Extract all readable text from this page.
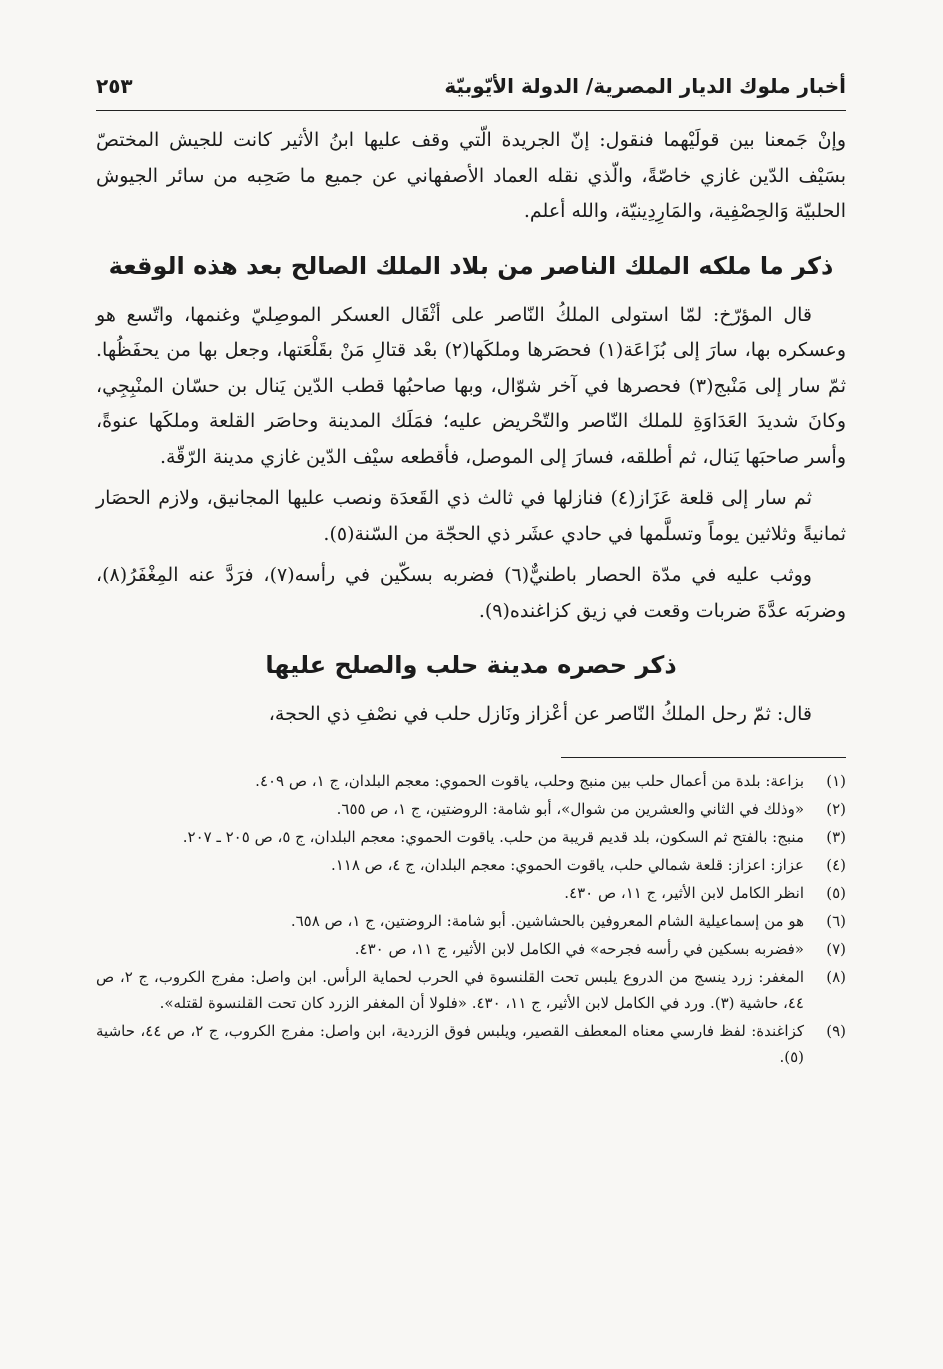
أخبار ملوك الديار المصرية/ الدولة الأيّوبيّة
٢٥٣

وإنْ جَمعنا بين قولَيْهما فنقول: إنّ الجريدة الّتي وقف عليها ابنُ الأثير كانت للجيش المختصّ بسَيْف الدّين غازي خاصّةً، والّذي نقله العماد الأصفهاني عن جميع ما صَحِبه من سائر الجيوش الحلبيّة وَالحِصْفِية، والمَارِدِينيّة، والله أعلم.

ذكر ما ملكه الملك الناصر من بلاد الملك الصالح بعد هذه الوقعة

قال المؤرّخ: لمّا استولى الملكُ النّاصر على أثْقَال العسكر الموصِليّ وغنمها، واتّسع هو وعسكره بها، سارَ إلى بُزَاعَة(١) فحصَرها وملكَها(٢) بعْد قتالِ مَنْ بقَلْعَتها، وجعل بها من يحفَظُها. ثمّ سار إلى مَنْبج(٣) فحصرها في آخر شوّال، وبها صاحبُها قطب الدّين يَنال بن حسّان المنْبِجِي، وكانَ شديدَ العَدَاوَةِ للملك النّاصر والتّحْريض عليه؛ فمَلَك المدينة وحاصَر القلعة وملكَها عنوةً، وأسر صاحبَها يَنال، ثم أطلقه، فسارَ إلى الموصل، فأقطعه سيْف الدّين غازي مدينة الرّقّة.

ثم سار إلى قلعة عَزَاز(٤) فنازلها في ثالث ذي القَعدَة ونصب عليها المجانيق، ولازم الحصَار ثمانيةً وثلاثين يوماً وتسلَّمها في حادي عشَر ذي الحجّة من السّنة(٥).

ووثب عليه في مدّة الحصار باطنيٌّ(٦) فضربه بسكّين في رأسه(٧)، فرَدَّ عنه المِغْفَرُ(٨)، وضربَه عدَّةَ ضربات وقعت في زيق كزاغنده(٩).

ذكر حصره مدينة حلب والصلح عليها

قال: ثمّ رحل الملكُ النّاصر عن أعْزاز ونَازل حلب في نصْفِ ذي الحجة،

(١)
بزاعة: بلدة من أعمال حلب بين منبج وحلب، ياقوت الحموي: معجم البلدان، ج ١، ص ٤٠٩.
(٢)
«وذلك في الثاني والعشرين من شوال»، أبو شامة: الروضتين، ج ١، ص ٦٥٥.
(٣)
منبج: بالفتح ثم السكون، بلد قديم قريبة من حلب. ياقوت الحموي: معجم البلدان، ج ٥، ص ٢٠٥ ـ ٢٠٧.
(٤)
عزاز: اعزاز: قلعة شمالي حلب، ياقوت الحموي: معجم البلدان، ج ٤، ص ١١٨.
(٥)
انظر الكامل لابن الأثير، ج ١١، ص ٤٣٠.
(٦)
هو من إسماعيلية الشام المعروفين بالحشاشين. أبو شامة: الروضتين، ج ١، ص ٦٥٨.
(٧)
«فضربه بسكين في رأسه فجرحه» في الكامل لابن الأثير، ج ١١، ص ٤٣٠.
(٨)
المغفر: زرد ينسج من الدروع يلبس تحت القلنسوة في الحرب لحماية الرأس. ابن واصل: مفرج الكروب، ج ٢، ص ٤٤، حاشية (٣). ورد في الكامل لابن الأثير، ج ١١، ٤٣٠. «فلولا أن المغفر الزرد كان تحت القلنسوة لقتله».
(٩)
كزاغندة: لفظ فارسي معناه المعطف القصير، ويلبس فوق الزردية، ابن واصل: مفرج الكروب، ج ٢، ص ٤٤، حاشية (٥).
